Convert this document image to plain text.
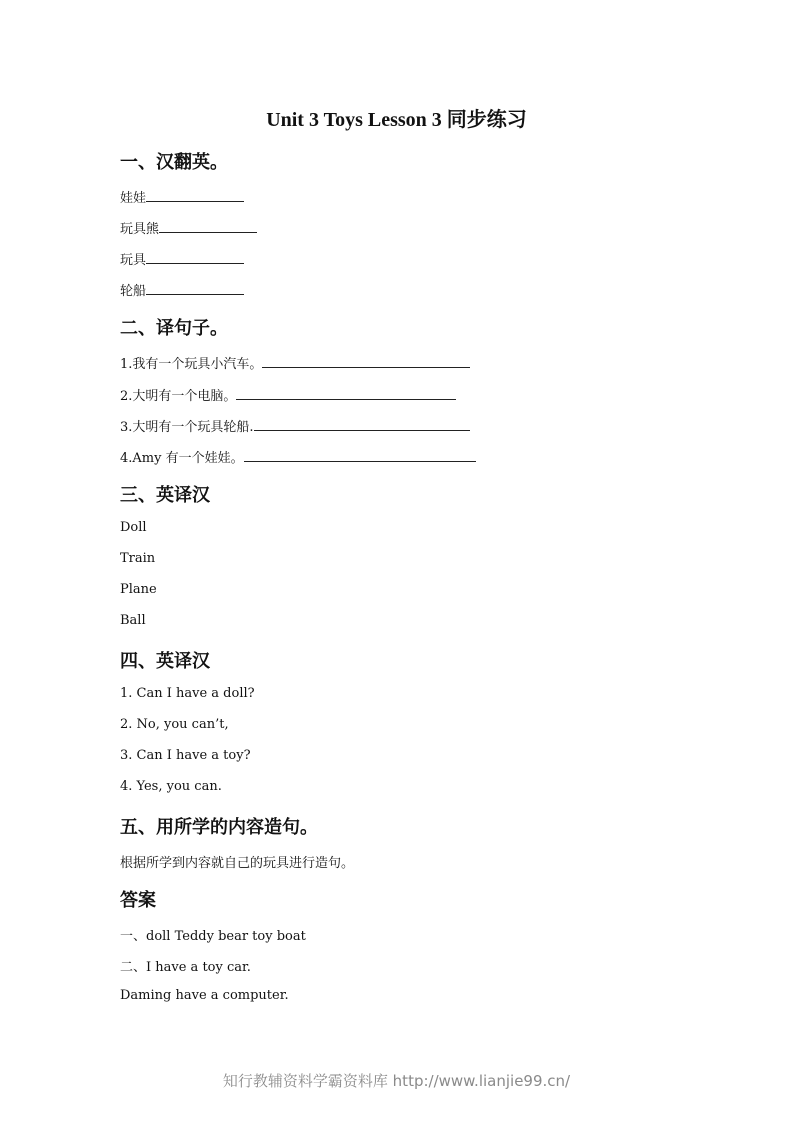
Unit 3 Toys Lesson 3 同步练习
一、汉翻英。
娃娃
玩具熊
玩具
轮船
二、译句子。
1.我有一个玩具小汽车。
2.大明有一个电脑。
3.大明有一个玩具轮船.
4.Amy 有一个娃娃。
三、英译汉
Doll
Train
Plane
Ball
四、英译汉
1. Can I have a doll?
2. No, you can’t,
3. Can I have a toy?
4. Yes, you can.
五、用所学的内容造句。
根据所学到内容就自己的玩具进行造句。
答案
一、doll Teddy bear toy boat
二、I have a toy car.
Daming have a computer.
知行教辅资料学霸资料库 http://www.lianjie99.cn/
